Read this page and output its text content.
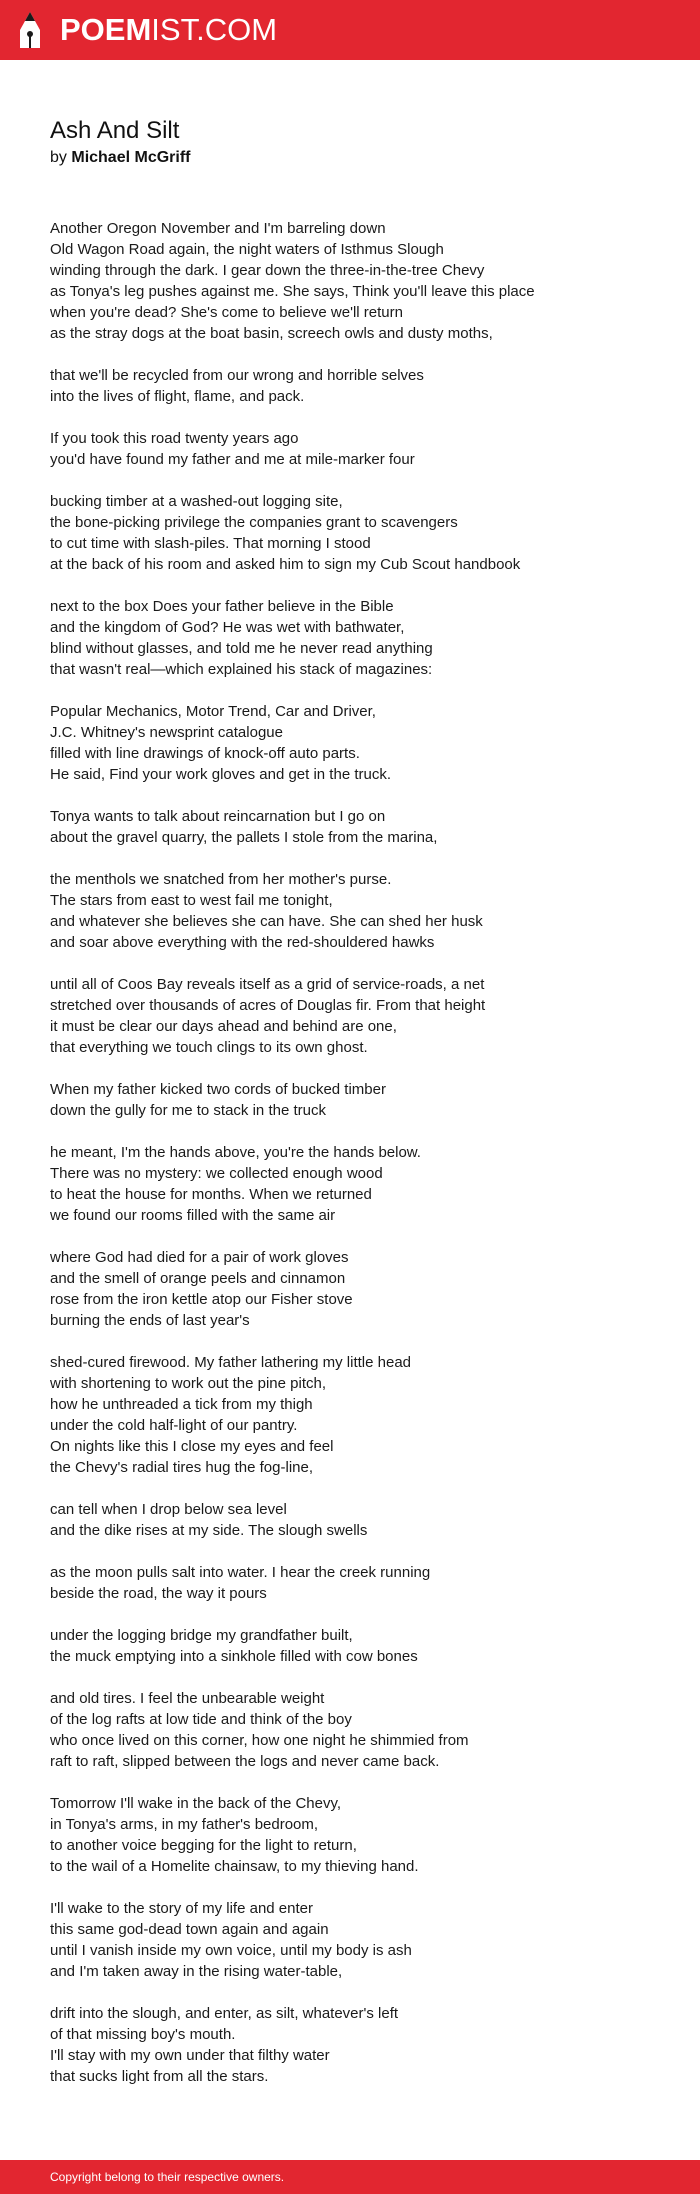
POEMIST.COM
Ash And Silt
by Michael McGriff
Another Oregon November and I'm barreling down
Old Wagon Road again, the night waters of Isthmus Slough
winding through the dark. I gear down the three-in-the-tree Chevy
as Tonya's leg pushes against me. She says, Think you'll leave this place
when you're dead? She's come to believe we'll return
as the stray dogs at the boat basin, screech owls and dusty moths,
that we'll be recycled from our wrong and horrible selves
into the lives of flight, flame, and pack.
If you took this road twenty years ago
you'd have found my father and me at mile-marker four
bucking timber at a washed-out logging site,
the bone-picking privilege the companies grant to scavengers
to cut time with slash-piles. That morning I stood
at the back of his room and asked him to sign my Cub Scout handbook
next to the box Does your father believe in the Bible
and the kingdom of God? He was wet with bathwater,
blind without glasses, and told me he never read anything
that wasn't real—which explained his stack of magazines:
Popular Mechanics, Motor Trend, Car and Driver,
J.C. Whitney's newsprint catalogue
filled with line drawings of knock-off auto parts.
He said, Find your work gloves and get in the truck.
Tonya wants to talk about reincarnation but I go on
about the gravel quarry, the pallets I stole from the marina,
the menthols we snatched from her mother's purse.
The stars from east to west fail me tonight,
and whatever she believes she can have. She can shed her husk
and soar above everything with the red-shouldered hawks
until all of Coos Bay reveals itself as a grid of service-roads, a net
stretched over thousands of acres of Douglas fir. From that height
it must be clear our days ahead and behind are one,
that everything we touch clings to its own ghost.
When my father kicked two cords of bucked timber
down the gully for me to stack in the truck
he meant, I'm the hands above, you're the hands below.
There was no mystery: we collected enough wood
to heat the house for months. When we returned
we found our rooms filled with the same air
where God had died for a pair of work gloves
and the smell of orange peels and cinnamon
rose from the iron kettle atop our Fisher stove
burning the ends of last year's
shed-cured firewood. My father lathering my little head
with shortening to work out the pine pitch,
how he unthreaded a tick from my thigh
under the cold half-light of our pantry.
On nights like this I close my eyes and feel
the Chevy's radial tires hug the fog-line,
can tell when I drop below sea level
and the dike rises at my side. The slough swells
as the moon pulls salt into water. I hear the creek running
beside the road, the way it pours
under the logging bridge my grandfather built,
the muck emptying into a sinkhole filled with cow bones
and old tires. I feel the unbearable weight
of the log rafts at low tide and think of the boy
who once lived on this corner, how one night he shimmied from
raft to raft, slipped between the logs and never came back.
Tomorrow I'll wake in the back of the Chevy,
in Tonya's arms, in my father's bedroom,
to another voice begging for the light to return,
to the wail of a Homelite chainsaw, to my thieving hand.
I'll wake to the story of my life and enter
this same god-dead town again and again
until I vanish inside my own voice, until my body is ash
and I'm taken away in the rising water-table,
drift into the slough, and enter, as silt, whatever's left
of that missing boy's mouth.
I'll stay with my own under that filthy water
that sucks light from all the stars.
Copyright belong to their respective owners.
